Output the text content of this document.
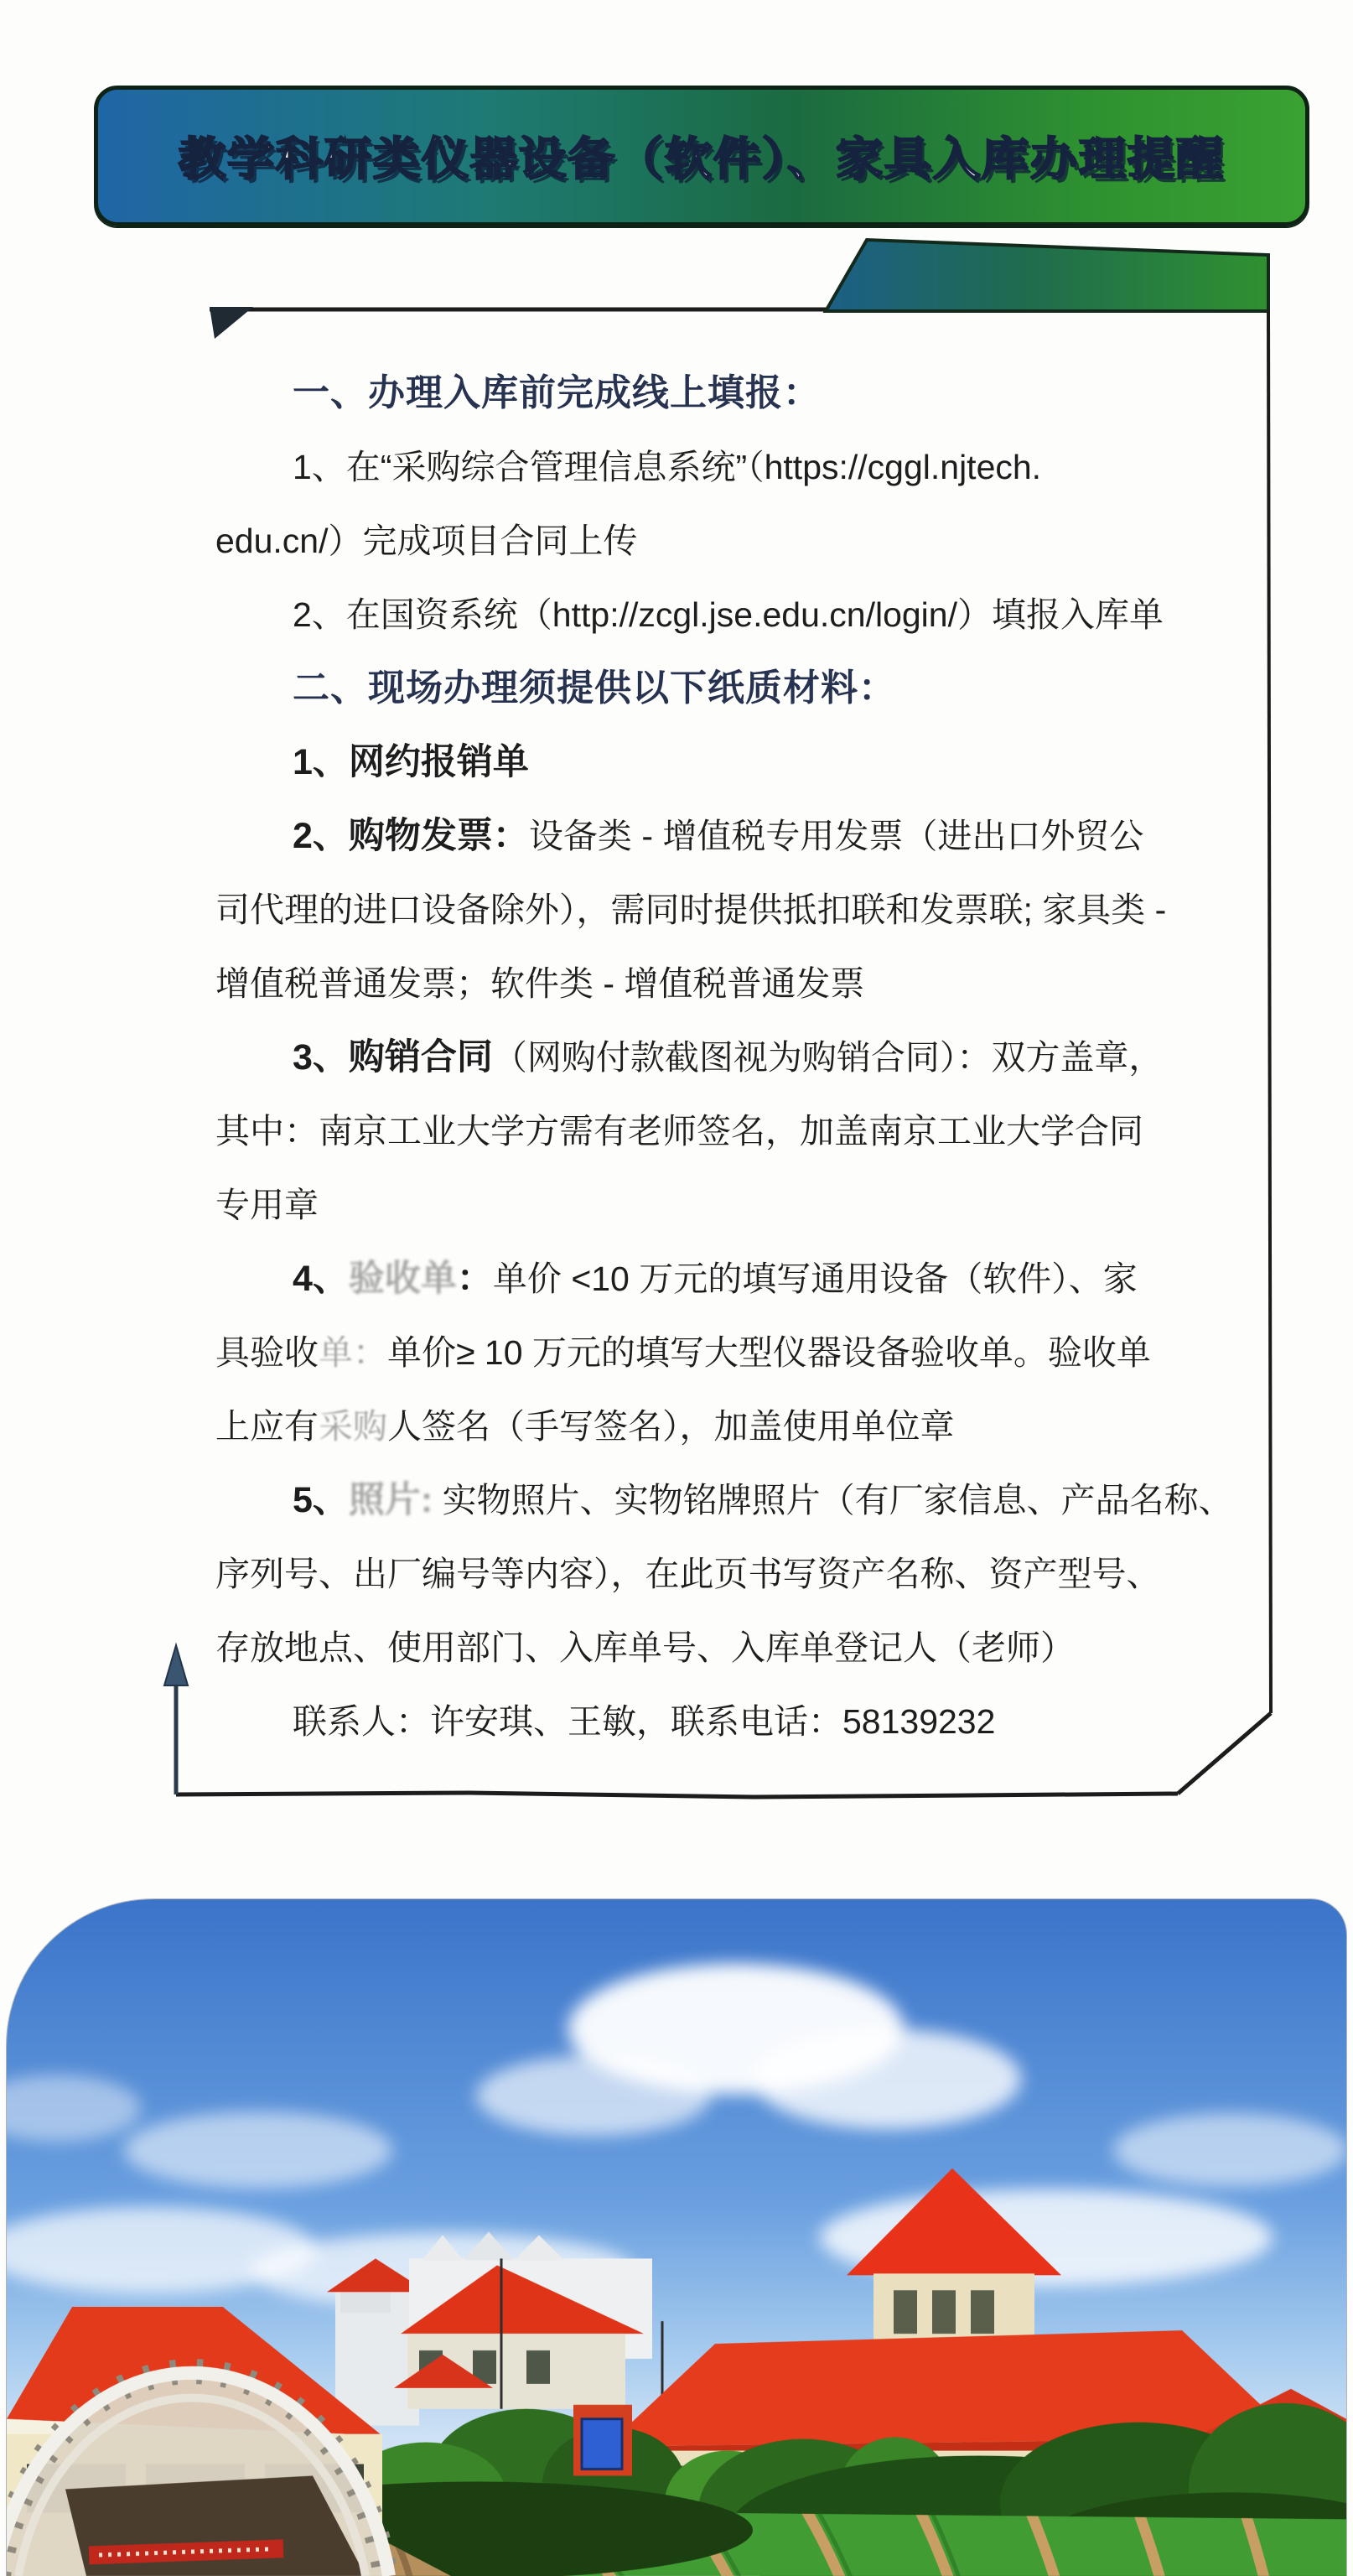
教学科研类仪器设备（软件）、家具入库办理提醒
一、办理入库前完成线上填报：
1、在“采购综合管理信息系统”（https://cggl.njtech.
edu.cn/）完成项目合同上传
2、在国资系统（http://zcgl.jse.edu.cn/login/）填报入库单
二、现场办理须提供以下纸质材料：
1、网约报销单
2、购物发票：设备类 - 增值税专用发票（进出口外贸公
司代理的进口设备除外），需同时提供抵扣联和发票联; 家具类 -
增值税普通发票；软件类 - 增值税普通发票
3、购销合同（网购付款截图视为购销合同）：双方盖章，
其中：南京工业大学方需有老师签名，加盖南京工业大学合同
专用章
4、验收单：单价 <10 万元的填写通用设备（软件）、家
具验收单：单价≥ 10 万元的填写大型仪器设备验收单。验收单
上应有采购人签名（手写签名），加盖使用单位章
5、照片: 实物照片、实物铭牌照片（有厂家信息、产品名称、
序列号、出厂编号等内容），在此页书写资产名称、资产型号、
存放地点、使用部门、入库单号、入库单登记人（老师）
联系人：许安琪、王敏，联系电话：58139232
